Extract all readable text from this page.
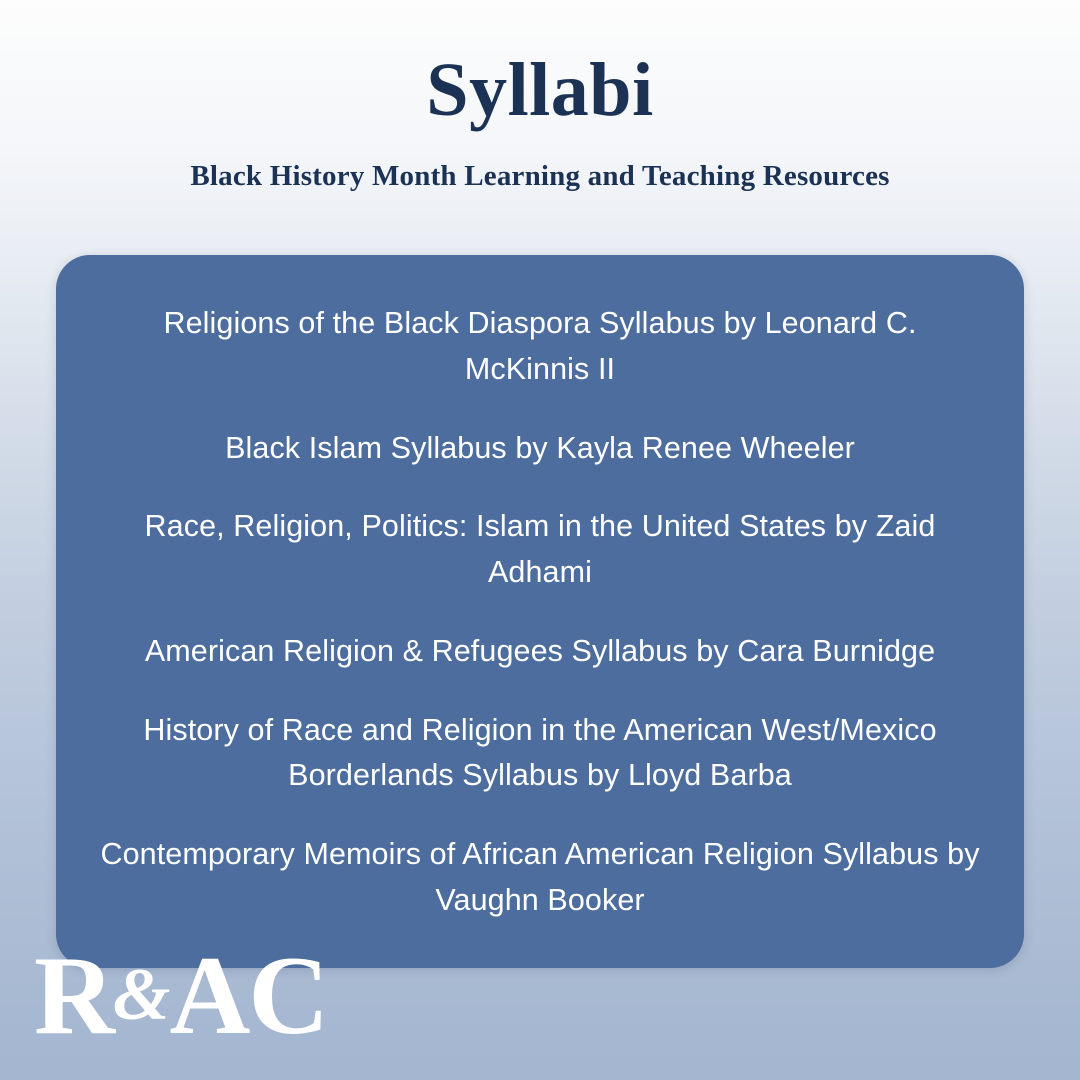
Syllabi
Black History Month Learning and Teaching Resources

Religions of the Black Diaspora Syllabus by Leonard C. McKinnis II

Black Islam Syllabus by Kayla Renee Wheeler

Race, Religion, Politics: Islam in the United States by Zaid Adhami

American Religion & Refugees Syllabus by Cara Burnidge

History of Race and Religion in the American West/Mexico Borderlands Syllabus by Lloyd Barba

Contemporary Memoirs of African American Religion Syllabus by Vaughn Booker

R&AC
